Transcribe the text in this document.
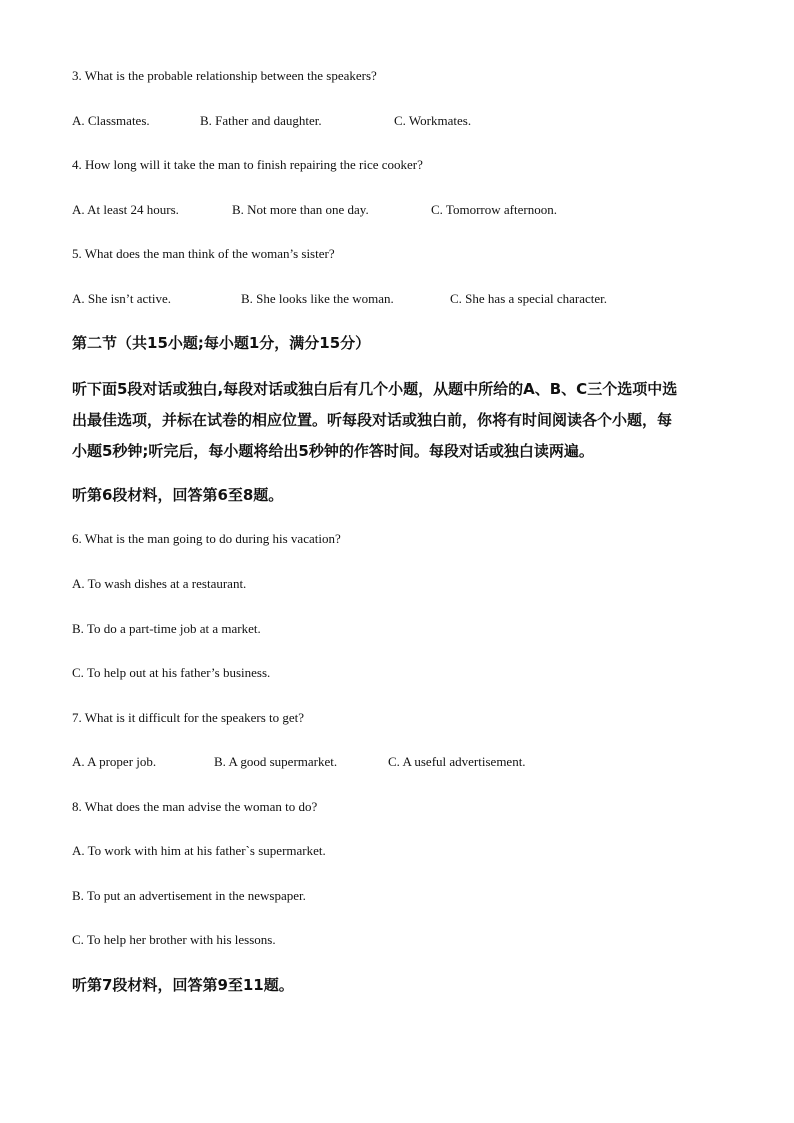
3. What is the probable relationship between the speakers?
A. Classmates.	B. Father and daughter.	C. Workmates.
4. How long will it take the man to finish repairing the rice cooker?
A. At least 24 hours.	B. Not more than one day.	C. Tomorrow afternoon.
5. What does the man think of the woman’s sister?
A. She isn’t active.	B. She looks like the woman.	C. She has a special character.
第二节（共15小题;每小题1分，满分15分）
听下面5段对话或独白,每段对话或独白后有几个小题，从题中所给的A、B、C三个选项中选
出最佳选项，并标在试卷的相应位置。听每段对话或独白前，你将有时间阅读各个小题，每
小题5秒钟;听完后，每小题将给出5秒钟的作答时间。每段对话或独白读两遍。
听第6段材料，回答第6至8题。
6. What is the man going to do during his vacation?
A. To wash dishes at a restaurant.
B. To do a part-time job at a market.
C. To help out at his father’s business.
7. What is it difficult for the speakers to get?
A. A proper job.	B. A good supermarket.	C. A useful advertisement.
8. What does the man advise the woman to do?
A. To work with him at his father`s supermarket.
B. To put an advertisement in the newspaper.
C. To help her brother with his lessons.
听第7段材料，回答第9至11题。
